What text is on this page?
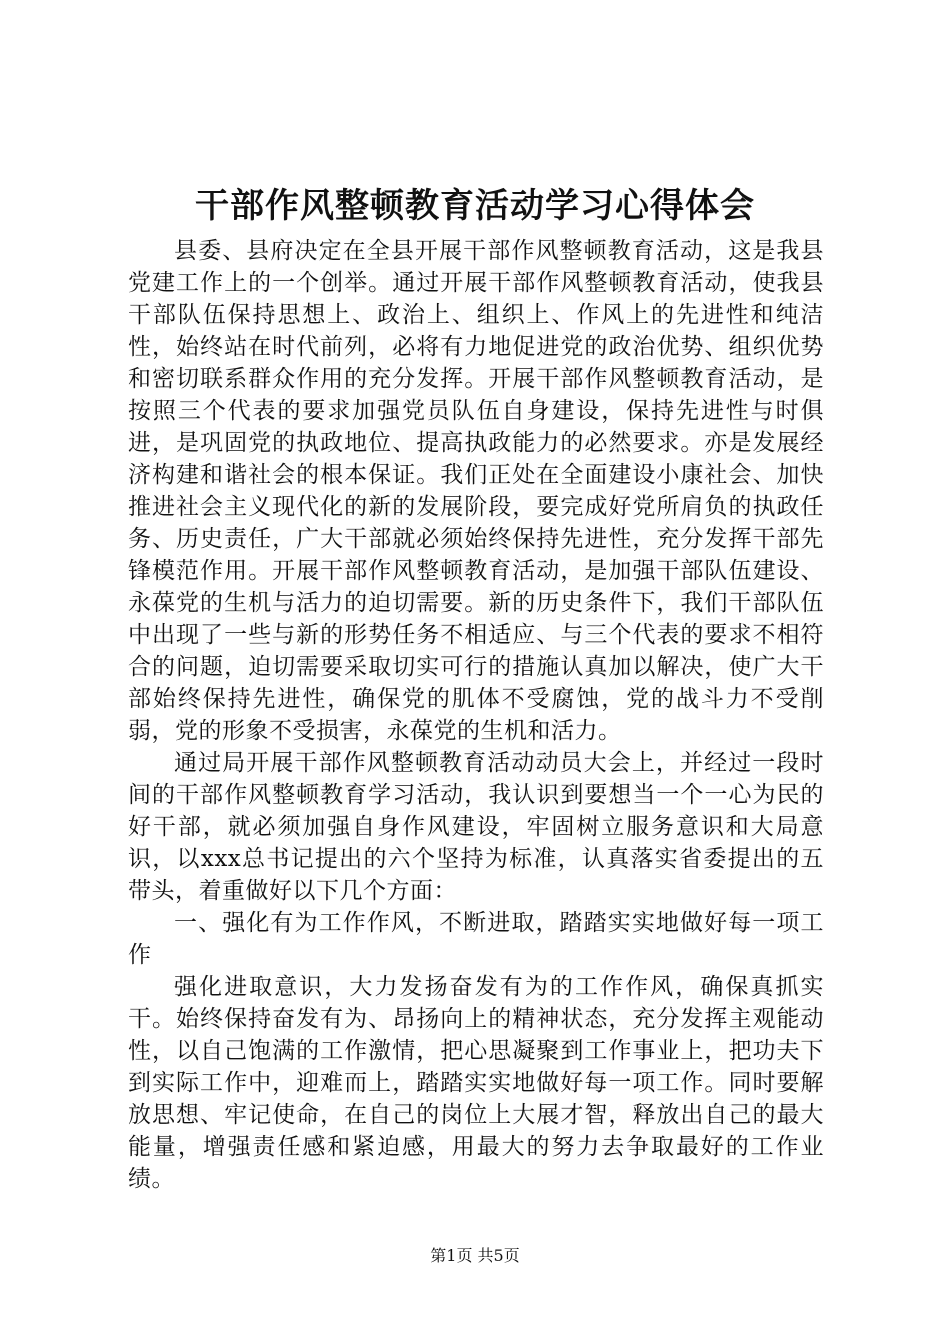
干部作风整顿教育活动学习心得体会

县委、县府决定在全县开展干部作风整顿教育活动，这是我县党建工作上的一个创举。通过开展干部作风整顿教育活动，使我县干部队伍保持思想上、政治上、组织上、作风上的先进性和纯洁性，始终站在时代前列，必将有力地促进党的政治优势、组织优势和密切联系群众作用的充分发挥。开展干部作风整顿教育活动，是按照三个代表的要求加强党员队伍自身建设，保持先进性与时俱进，是巩固党的执政地位、提高执政能力的必然要求。亦是发展经济构建和谐社会的根本保证。我们正处在全面建设小康社会、加快推进社会主义现代化的新的发展阶段，要完成好党所肩负的执政任务、历史责任，广大干部就必须始终保持先进性，充分发挥干部先锋模范作用。开展干部作风整顿教育活动，是加强干部队伍建设、永葆党的生机与活力的迫切需要。新的历史条件下，我们干部队伍中出现了一些与新的形势任务不相适应、与三个代表的要求不相符合的问题，迫切需要采取切实可行的措施认真加以解决，使广大干部始终保持先进性，确保党的肌体不受腐蚀，党的战斗力不受削弱，党的形象不受损害，永葆党的生机和活力。

通过局开展干部作风整顿教育活动动员大会上，并经过一段时间的干部作风整顿教育学习活动，我认识到要想当一个一心为民的好干部，就必须加强自身作风建设，牢固树立服务意识和大局意识，以xxx总书记提出的六个坚持为标准，认真落实省委提出的五带头，着重做好以下几个方面：

一、强化有为工作作风，不断进取，踏踏实实地做好每一项工作

强化进取意识，大力发扬奋发有为的工作作风，确保真抓实干。始终保持奋发有为、昂扬向上的精神状态，充分发挥主观能动性，以自己饱满的工作激情，把心思凝聚到工作事业上，把功夫下到实际工作中，迎难而上，踏踏实实地做好每一项工作。同时要解放思想、牢记使命，在自己的岗位上大展才智，释放出自己的最大能量，增强责任感和紧迫感，用最大的努力去争取最好的工作业绩。

第1页 共5页
